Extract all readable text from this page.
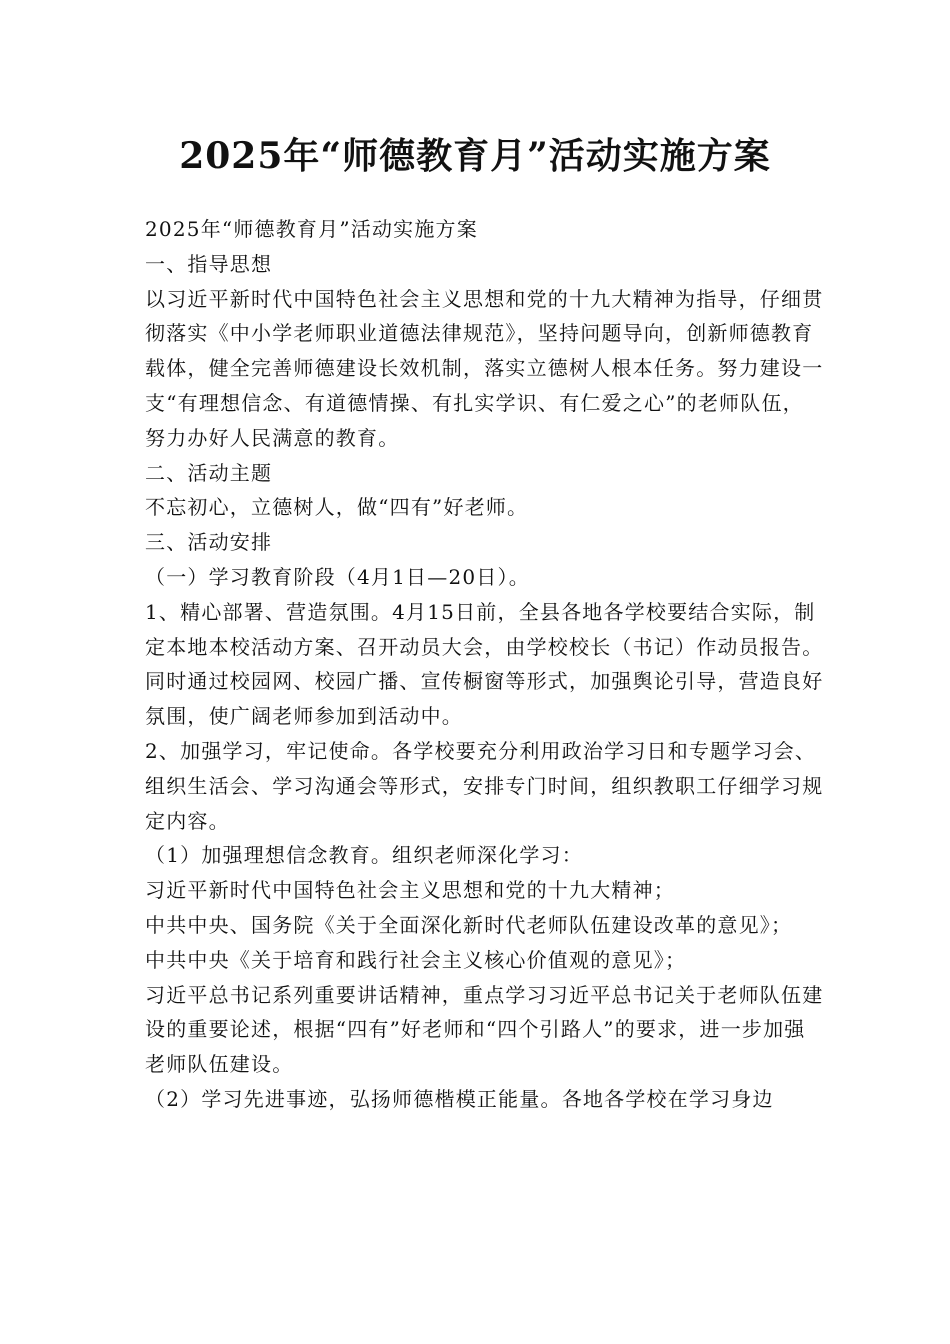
2025年“师德教育月”活动实施方案

2025年“师德教育月”活动实施方案

一、指导思想

以习近平新时代中国特色社会主义思想和党的十九大精神为指导，仔细贯彻落实《中小学老师职业道德法律规范》，坚持问题导向，创新师德教育载体，健全完善师德建设长效机制，落实立德树人根本任务。努力建设一支“有理想信念、有道德情操、有扎实学识、有仁爱之心”的老师队伍，努力办好人民满意的教育。

二、活动主题

不忘初心，立德树人，做“四有”好老师。

三、活动安排

（一）学习教育阶段（4月1日—20日）。

1、精心部署、营造氛围。4月15日前，全县各地各学校要结合实际，制定本地本校活动方案、召开动员大会，由学校校长（书记）作动员报告。同时通过校园网、校园广播、宣传橱窗等形式，加强舆论引导，营造良好氛围，使广阔老师参加到活动中。

2、加强学习，牢记使命。各学校要充分利用政治学习日和专题学习会、组织生活会、学习沟通会等形式，安排专门时间，组织教职工仔细学习规定内容。

（1）加强理想信念教育。组织老师深化学习：

习近平新时代中国特色社会主义思想和党的十九大精神；

中共中央、国务院《关于全面深化新时代老师队伍建设改革的意见》；

中共中央《关于培育和践行社会主义核心价值观的意见》；

习近平总书记系列重要讲话精神，重点学习习近平总书记关于老师队伍建设的重要论述，根据“四有”好老师和“四个引路人”的要求，进一步加强老师队伍建设。

（2）学习先进事迹，弘扬师德楷模正能量。各地各学校在学习身边
